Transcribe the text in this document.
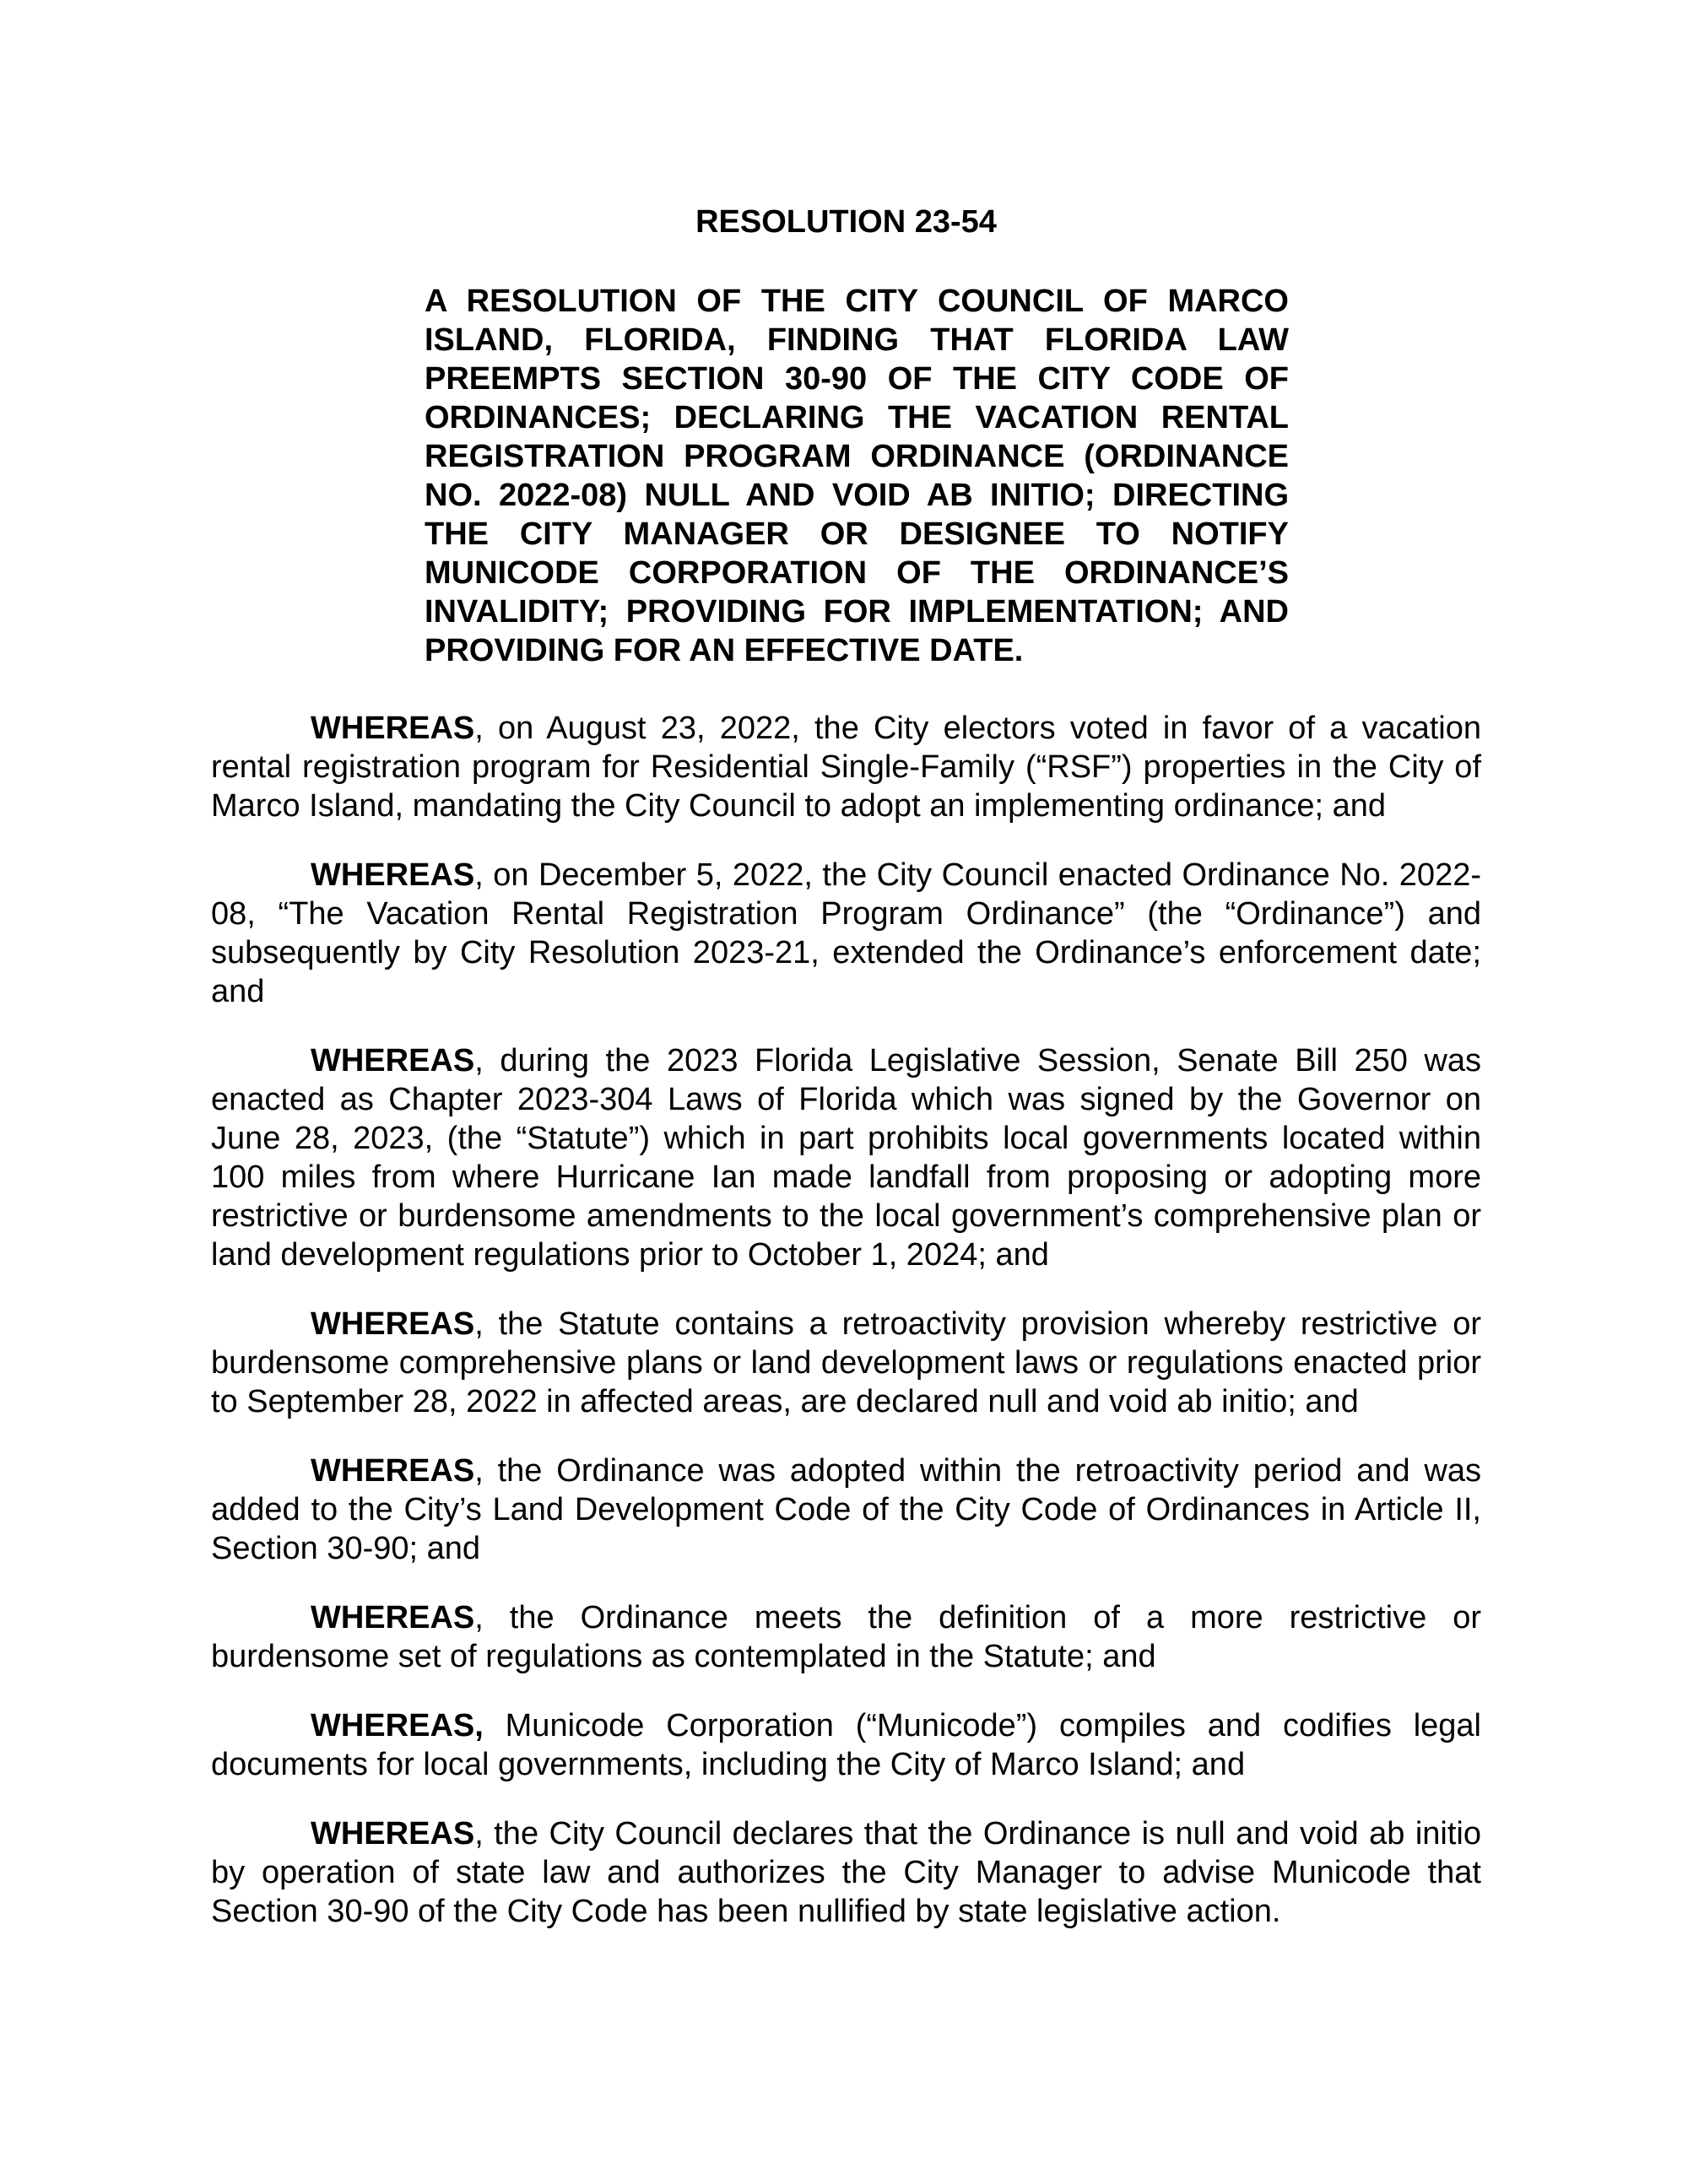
RESOLUTION 23-54

A RESOLUTION OF THE CITY COUNCIL OF MARCO ISLAND, FLORIDA, FINDING THAT FLORIDA LAW PREEMPTS SECTION 30-90 OF THE CITY CODE OF ORDINANCES; DECLARING THE VACATION RENTAL REGISTRATION PROGRAM ORDINANCE (ORDINANCE NO. 2022-08) NULL AND VOID AB INITIO; DIRECTING THE CITY MANAGER OR DESIGNEE TO NOTIFY MUNICODE CORPORATION OF THE ORDINANCE’S INVALIDITY; PROVIDING FOR IMPLEMENTATION; AND PROVIDING FOR AN EFFECTIVE DATE.

WHEREAS, on August 23, 2022, the City electors voted in favor of a vacation rental registration program for Residential Single-Family (“RSF”) properties in the City of Marco Island, mandating the City Council to adopt an implementing ordinance; and

WHEREAS, on December 5, 2022, the City Council enacted Ordinance No. 2022-08, “The Vacation Rental Registration Program Ordinance” (the “Ordinance”) and subsequently by City Resolution 2023-21, extended the Ordinance’s enforcement date; and

WHEREAS, during the 2023 Florida Legislative Session, Senate Bill 250 was enacted as Chapter 2023-304 Laws of Florida which was signed by the Governor on June 28, 2023, (the “Statute”) which in part prohibits local governments located within 100 miles from where Hurricane Ian made landfall from proposing or adopting more restrictive or burdensome amendments to the local government’s comprehensive plan or land development regulations prior to October 1, 2024; and

WHEREAS, the Statute contains a retroactivity provision whereby restrictive or burdensome comprehensive plans or land development laws or regulations enacted prior to September 28, 2022 in affected areas, are declared null and void ab initio; and

WHEREAS, the Ordinance was adopted within the retroactivity period and was added to the City’s Land Development Code of the City Code of Ordinances in Article II, Section 30-90; and

WHEREAS, the Ordinance meets the definition of a more restrictive or burdensome set of regulations as contemplated in the Statute; and

WHEREAS, Municode Corporation (“Municode”) compiles and codifies legal documents for local governments, including the City of Marco Island; and

WHEREAS, the City Council declares that the Ordinance is null and void ab initio by operation of state law and authorizes the City Manager to advise Municode that Section 30-90 of the City Code has been nullified by state legislative action.
